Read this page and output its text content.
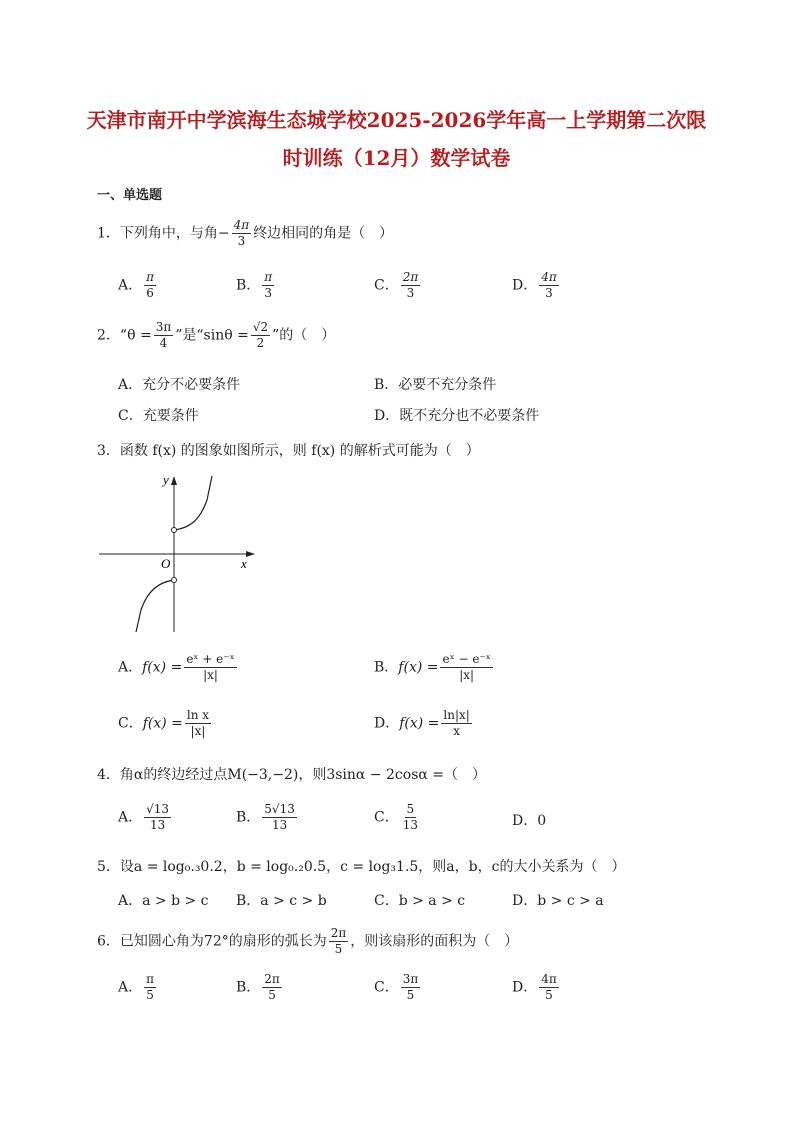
天津市南开中学滨海生态城学校2025-2026学年高一上学期第二次限
时训练（12月）数学试卷
一、单选题
1．下列角中，与角− $\frac{4\pi}{3}$ 终边相同的角是（　）
A． $\frac{\pi}{6}$	B． $\frac{\pi}{3}$	C． $\frac{2\pi}{3}$	D． $\frac{4\pi}{3}$
2．“$\theta = \frac{3\pi}{4}$ ”是“$\sin\theta = \frac{√2}{2}$ ”的（　）
A．充分不必要条件	B．必要不充分条件
C．充要条件	D．既不充分也不必要条件
3．函数 f(x) 的图象如图所示，则 f(x) 的解析式可能为（　）
y
x
O
A．$f(x) = \frac{\text{eˣ + e⁻ˣ}}{|x|}$	B．$f(x) = \frac{\text{eˣ − e⁻ˣ}}{|x|}$
C．$f(x) = \frac{\text{ln x}}{|x|}$	D．$f(x) = \frac{\ln|x|}{x}$
4．角α的终边经过点M(−3,−2)，则3sinα − 2cosα =（　）
A． $\frac{√13}{13}$	B． $\frac{5√13}{13}$	C． $\frac{5}{13}$	D．0
5．设a = log₀.₃0.2，b = log₀.₂0.5，c = log₃1.5，则a，b，c的大小关系为（　）
A．a > b > c B．a > c > b	C．b > a > c	D．b > c > a
6．已知圆心角为72°的扇形的弧长为 $\frac{2\pi}{5}$ ，则该扇形的面积为（　）
A． $\frac{\pi}{5}$	B． $\frac{2\pi}{5}$	C． $\frac{3\pi}{5}$	D． $\frac{4\pi}{5}$
